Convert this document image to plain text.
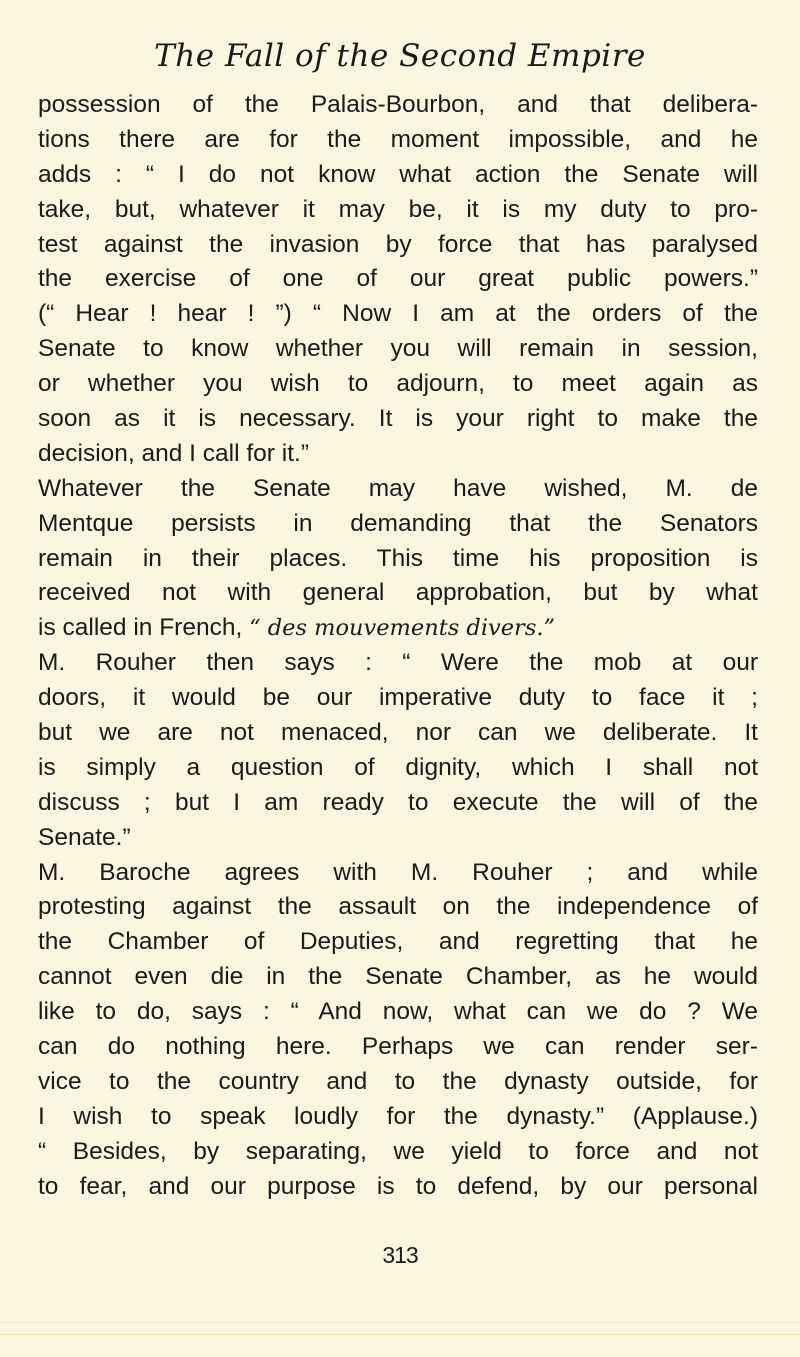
The Fall of the Second Empire
possession of the Palais-Bourbon, and that delibera-
tions there are for the moment impossible, and he
adds : “ I do not know what action the Senate will
take, but, whatever it may be, it is my duty to pro-
test against the invasion by force that has paralysed
the exercise of one of our great public powers.”
(“ Hear ! hear ! ”) “ Now I am at the orders of the
Senate to know whether you will remain in session,
or whether you wish to adjourn, to meet again as
soon as it is necessary. It is your right to make the
decision, and I call for it.”
Whatever the Senate may have wished, M. de
Mentque persists in demanding that the Senators
remain in their places. This time his proposition is
received not with general approbation, but by what
is called in French, “ des mouvements divers.”
M. Rouher then says : “ Were the mob at our
doors, it would be our imperative duty to face it ;
but we are not menaced, nor can we deliberate. It
is simply a question of dignity, which I shall not
discuss ; but I am ready to execute the will of the
Senate.”
M. Baroche agrees with M. Rouher ; and while
protesting against the assault on the independence of
the Chamber of Deputies, and regretting that he
cannot even die in the Senate Chamber, as he would
like to do, says : “ And now, what can we do ? We
can do nothing here. Perhaps we can render ser-
vice to the country and to the dynasty outside, for
I wish to speak loudly for the dynasty.” (Applause.)
“ Besides, by separating, we yield to force and not
to fear, and our purpose is to defend, by our personal
313
